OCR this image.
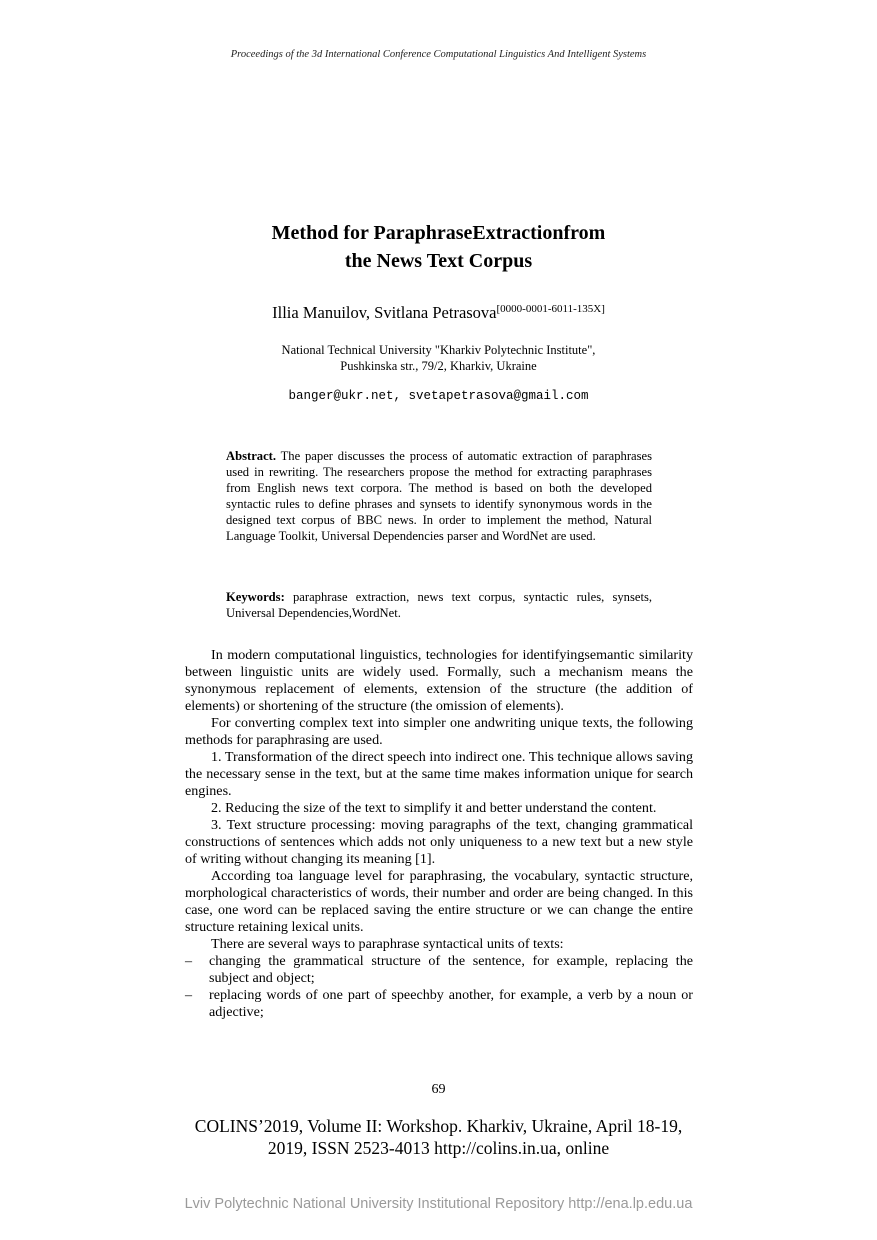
Proceedings of the 3d International Conference Computational Linguistics And Intelligent Systems
Method for ParaphraseExtractionfrom
the News Text Corpus
Illia Manuilov, Svitlana Petrasova[0000-0001-6011-135X]
National Technical University "Kharkiv Polytechnic Institute",
Pushkinska str., 79/2, Kharkiv, Ukraine
banger@ukr.net, svetapetrasova@gmail.com
Abstract. The paper discusses the process of automatic extraction of paraphrases used in rewriting. The researchers propose the method for extracting paraphrases from English news text corpora. The method is based on both the developed syntactic rules to define phrases and synsets to identify synonymous words in the designed text corpus of BBC news. In order to implement the method, Natural Language Toolkit, Universal Dependencies parser and WordNet are used.
Keywords: paraphrase extraction, news text corpus, syntactic rules, synsets, Universal Dependencies,WordNet.

In modern computational linguistics, technologies for identifyingsemantic similarity between linguistic units are widely used. Formally, such a mechanism means the synonymous replacement of elements, extension of the structure (the addition of elements) or shortening of the structure (the omission of elements).

For converting complex text into simpler one andwriting unique texts, the following methods for paraphrasing are used.

1. Transformation of the direct speech into indirect one. This technique allows saving the necessary sense in the text, but at the same time makes information unique for search engines.

2. Reducing the size of the text to simplify it and better understand the content.

3. Text structure processing: moving paragraphs of the text, changing grammatical constructions of sentences which adds not only uniqueness to a new text but a new style of writing without changing its meaning [1].

According toa language level for paraphrasing, the vocabulary, syntactic structure, morphological characteristics of words, their number and order are being changed. In this case, one word can be replaced saving the entire structure or we can change the entire structure retaining lexical units.

There are several ways to paraphrase syntactical units of texts:

– changing the grammatical structure of the sentence, for example, replacing the subject and object;
– replacing words of one part of speechby another, for example, a verb by a noun or adjective;
69
COLINS’2019, Volume II: Workshop. Kharkiv, Ukraine, April 18-19,
2019, ISSN 2523-4013 http://colins.in.ua, online
Lviv Polytechnic National University Institutional Repository http://ena.lp.edu.ua
